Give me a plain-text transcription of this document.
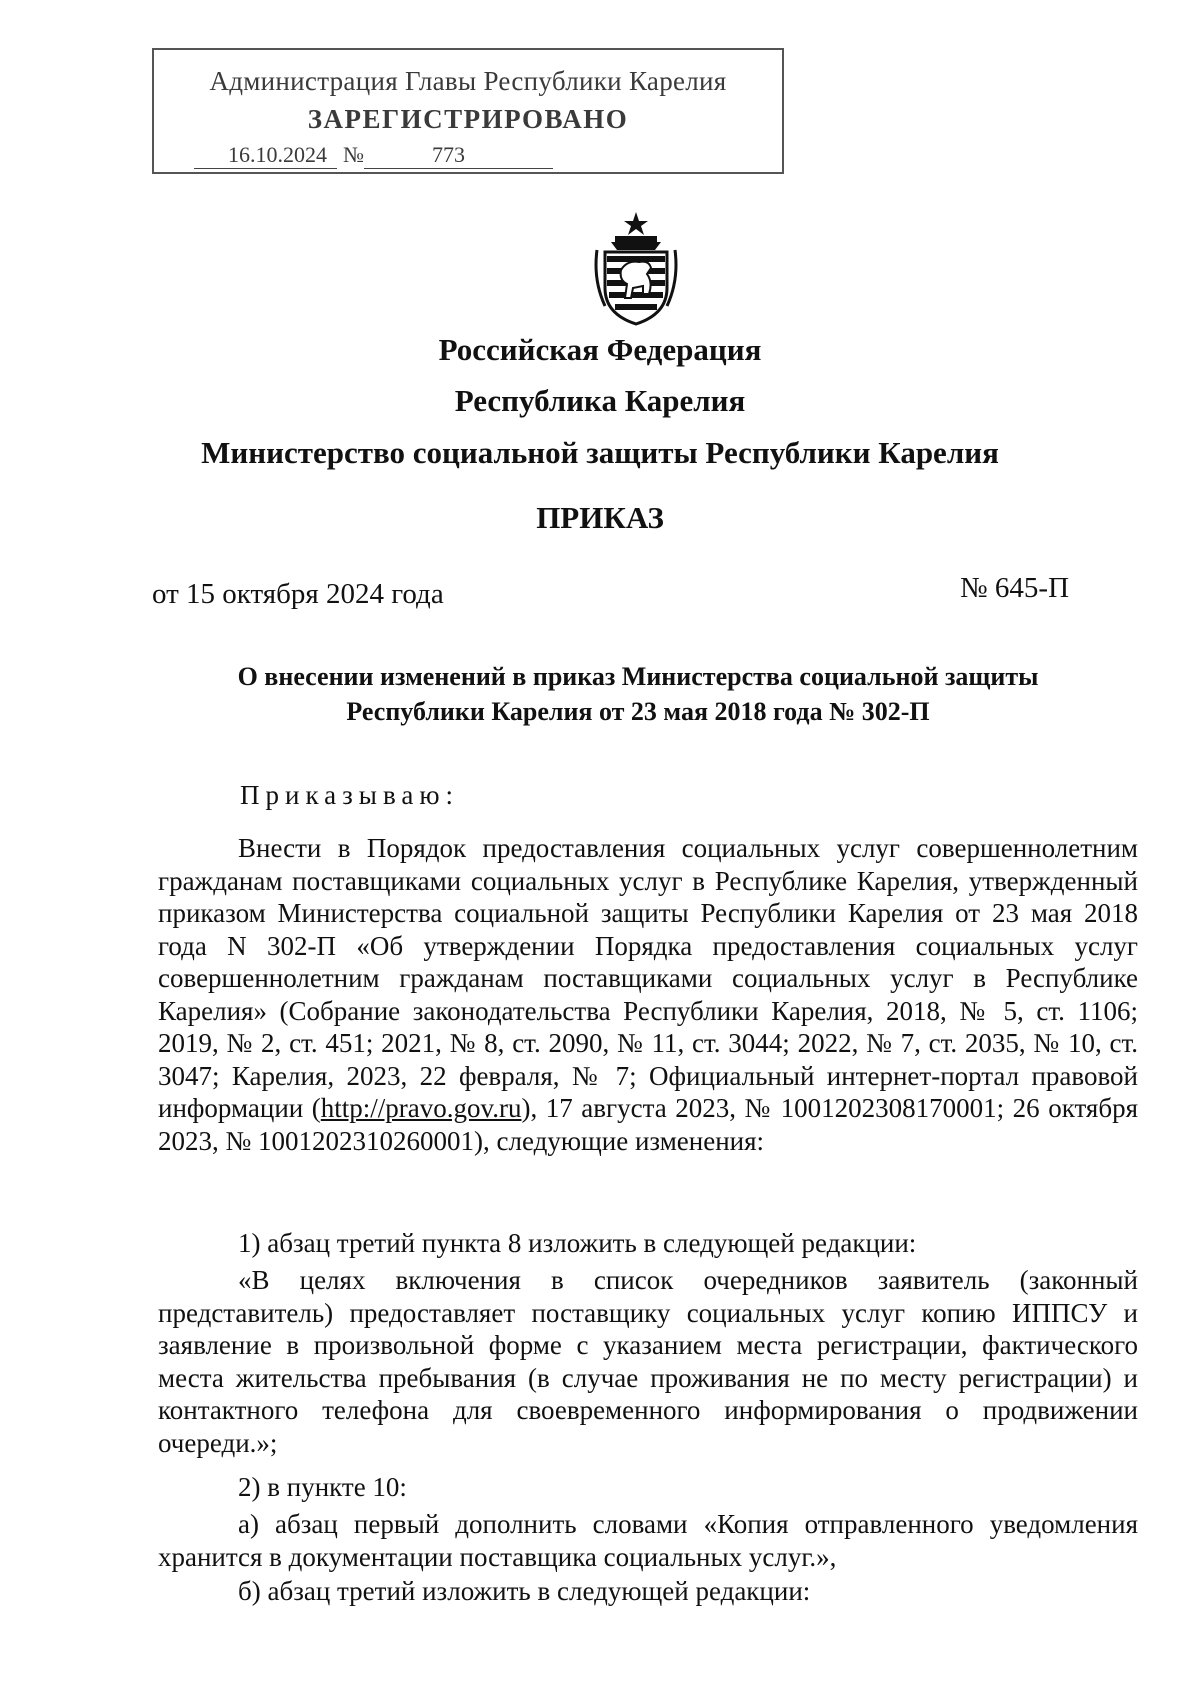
Администрация Главы Республики Карелия
ЗАРЕГИСТРИРОВАНО
16.10.2024 №	773
Российская Федерация
Республика Карелия
Министерство социальной защиты Республики Карелия
ПРИКАЗ
от 15 октября 2024 года	№ 645-П
О внесении изменений в приказ Министерства социальной защиты
Республики Карелия от 23 мая 2018 года № 302-П
Приказываю:
Внести в Порядок предоставления социальных услуг совершеннолетним гражданам поставщиками социальных услуг в Республике Карелия, утвержденный приказом Министерства социальной защиты Республики Карелия от 23 мая 2018 года N 302-П «Об утверждении Порядка предоставления социальных услуг совершеннолетним гражданам поставщиками социальных услуг в Республике Карелия» (Собрание законодательства Республики Карелия, 2018, № 5, ст. 1106; 2019, № 2, ст. 451; 2021, № 8, ст. 2090, № 11, ст. 3044; 2022, № 7, ст. 2035, № 10, ст. 3047; Карелия, 2023, 22 февраля, № 7; Официальный интернет-портал правовой информации (http://pravo.gov.ru), 17 августа 2023, № 1001202308170001; 26 октября 2023, № 1001202310260001), следующие изменения:
1) абзац третий пункта 8 изложить в следующей редакции:
«В целях включения в список очередников заявитель (законный представитель) предоставляет поставщику социальных услуг копию ИППСУ и заявление в произвольной форме с указанием места регистрации, фактического места жительства пребывания (в случае проживания не по месту регистрации) и контактного телефона для своевременного информирования о продвижении очереди.»;
2) в пункте 10:
а) абзац первый дополнить словами «Копия отправленного уведомления хранится в документации поставщика социальных услуг.»,
б) абзац третий изложить в следующей редакции:
